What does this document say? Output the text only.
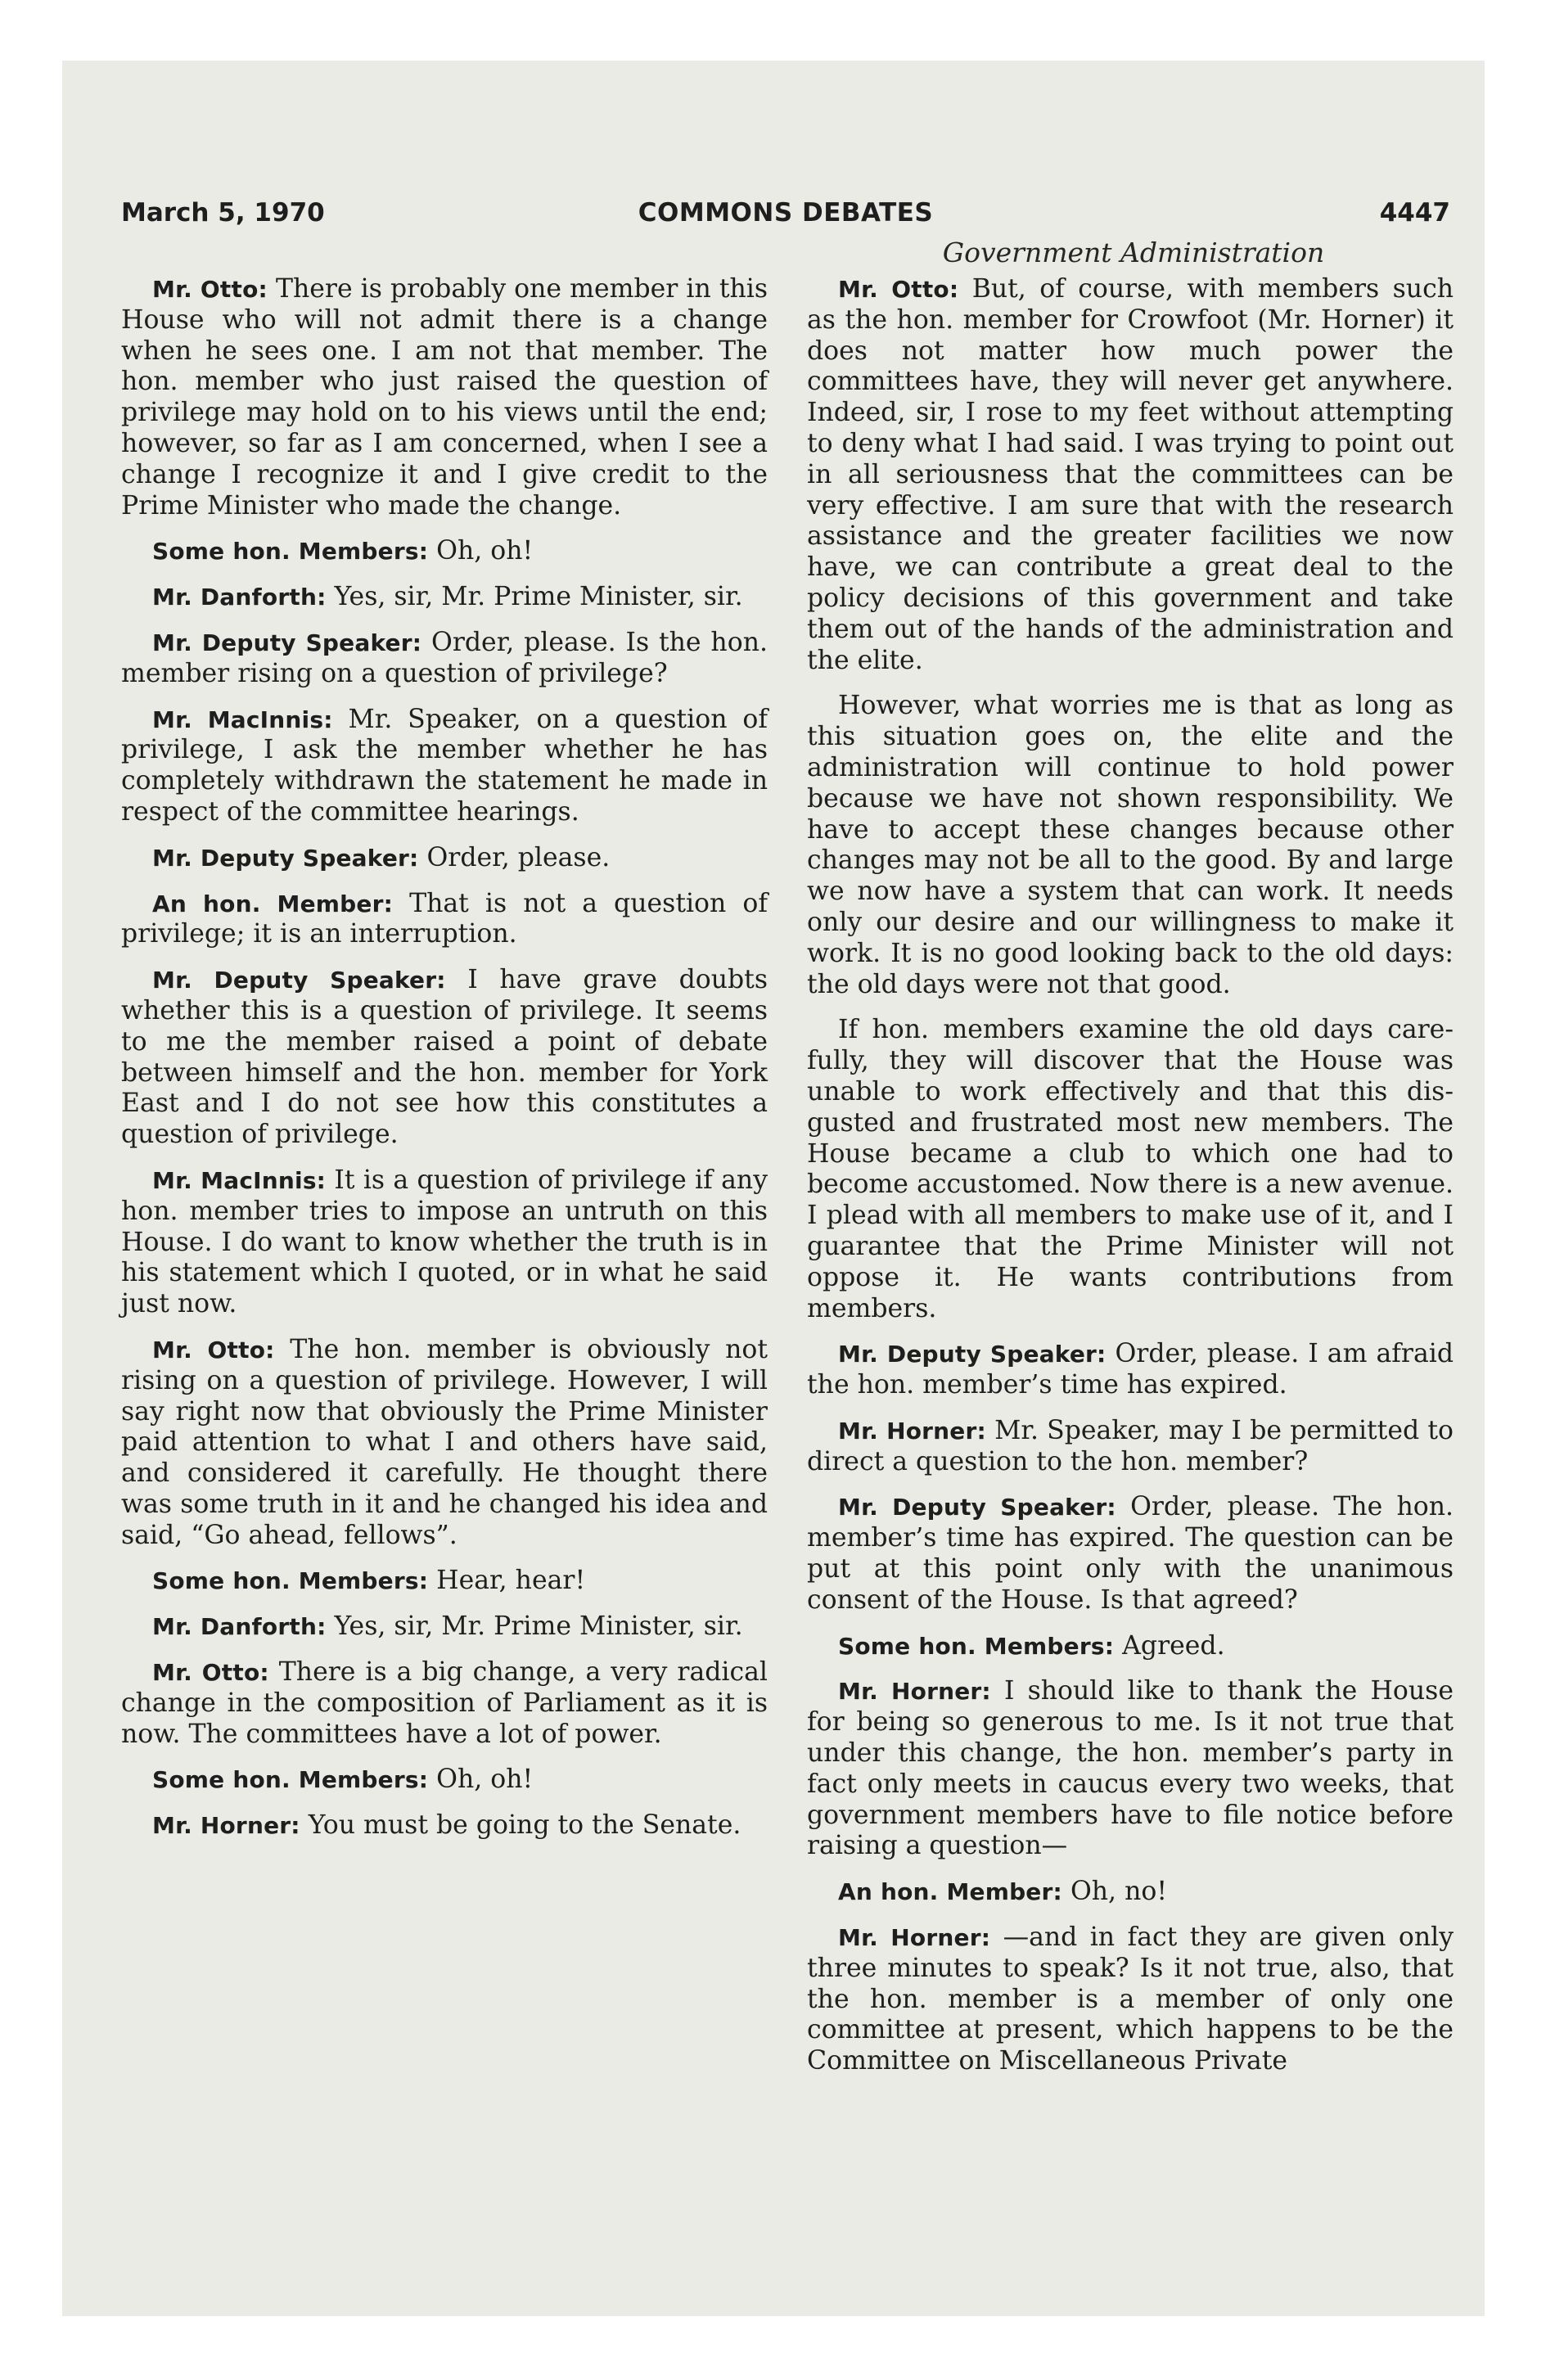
March 5, 1970	COMMONS DEBATES	4447
Government Administration

Mr. Otto: There is probably one member in this House who will not admit there is a change when he sees one. I am not that member. The hon. member who just raised the question of privilege may hold on to his views until the end; however, so far as I am concerned, when I see a change I recognize it and I give credit to the Prime Minister who made the change.

Some hon. Members: Oh, oh!

Mr. Danforth: Yes, sir, Mr. Prime Minister, sir.

Mr. Deputy Speaker: Order, please. Is the hon. member rising on a question of privilege?

Mr. MacInnis: Mr. Speaker, on a question of privilege, I ask the member whether he has completely withdrawn the statement he made in respect of the committee hearings.

Mr. Deputy Speaker: Order, please.

An hon. Member: That is not a question of privilege; it is an interruption.

Mr. Deputy Speaker: I have grave doubts whether this is a question of privilege. It seems to me the member raised a point of debate between himself and the hon. member for York East and I do not see how this constitutes a question of privilege.

Mr. MacInnis: It is a question of privilege if any hon. member tries to impose an untruth on this House. I do want to know whether the truth is in his statement which I quoted, or in what he said just now.

Mr. Otto: The hon. member is obviously not rising on a question of privilege. However, I will say right now that obviously the Prime Minister paid attention to what I and others have said, and considered it carefully. He thought there was some truth in it and he changed his idea and said, “Go ahead, fellows”.

Some hon. Members: Hear, hear!

Mr. Danforth: Yes, sir, Mr. Prime Minister, sir.

Mr. Otto: There is a big change, a very radical change in the composition of Parliament as it is now. The committees have a lot of power.

Some hon. Members: Oh, oh!

Mr. Horner: You must be going to the Senate.

Mr. Otto: But, of course, with members such as the hon. member for Crowfoot (Mr. Horner) it does not matter how much power the committees have, they will never get anywhere. Indeed, sir, I rose to my feet without attempting to deny what I had said. I was trying to point out in all seriousness that the committees can be very effective. I am sure that with the research assistance and the greater facilities we now have, we can contribute a great deal to the policy decisions of this government and take them out of the hands of the administration and the elite.

However, what worries me is that as long as this situation goes on, the elite and the administration will continue to hold power because we have not shown responsibility. We have to accept these changes because other changes may not be all to the good. By and large we now have a system that can work. It needs only our desire and our willingness to make it work. It is no good looking back to the old days: the old days were not that good.

If hon. members examine the old days carefully, they will discover that the House was unable to work effectively and that this disgusted and frustrated most new members. The House became a club to which one had to become accustomed. Now there is a new avenue. I plead with all members to make use of it, and I guarantee that the Prime Minister will not oppose it. He wants contributions from members.

Mr. Deputy Speaker: Order, please. I am afraid the hon. member’s time has expired.

Mr. Horner: Mr. Speaker, may I be permitted to direct a question to the hon. member?

Mr. Deputy Speaker: Order, please. The hon. member’s time has expired. The question can be put at this point only with the unanimous consent of the House. Is that agreed?

Some hon. Members: Agreed.

Mr. Horner: I should like to thank the House for being so generous to me. Is it not true that under this change, the hon. member’s party in fact only meets in caucus every two weeks, that government members have to file notice before raising a question—

An hon. Member: Oh, no!

Mr. Horner: —and in fact they are given only three minutes to speak? Is it not true, also, that the hon. member is a member of only one committee at present, which happens to be the Committee on Miscellaneous Private
